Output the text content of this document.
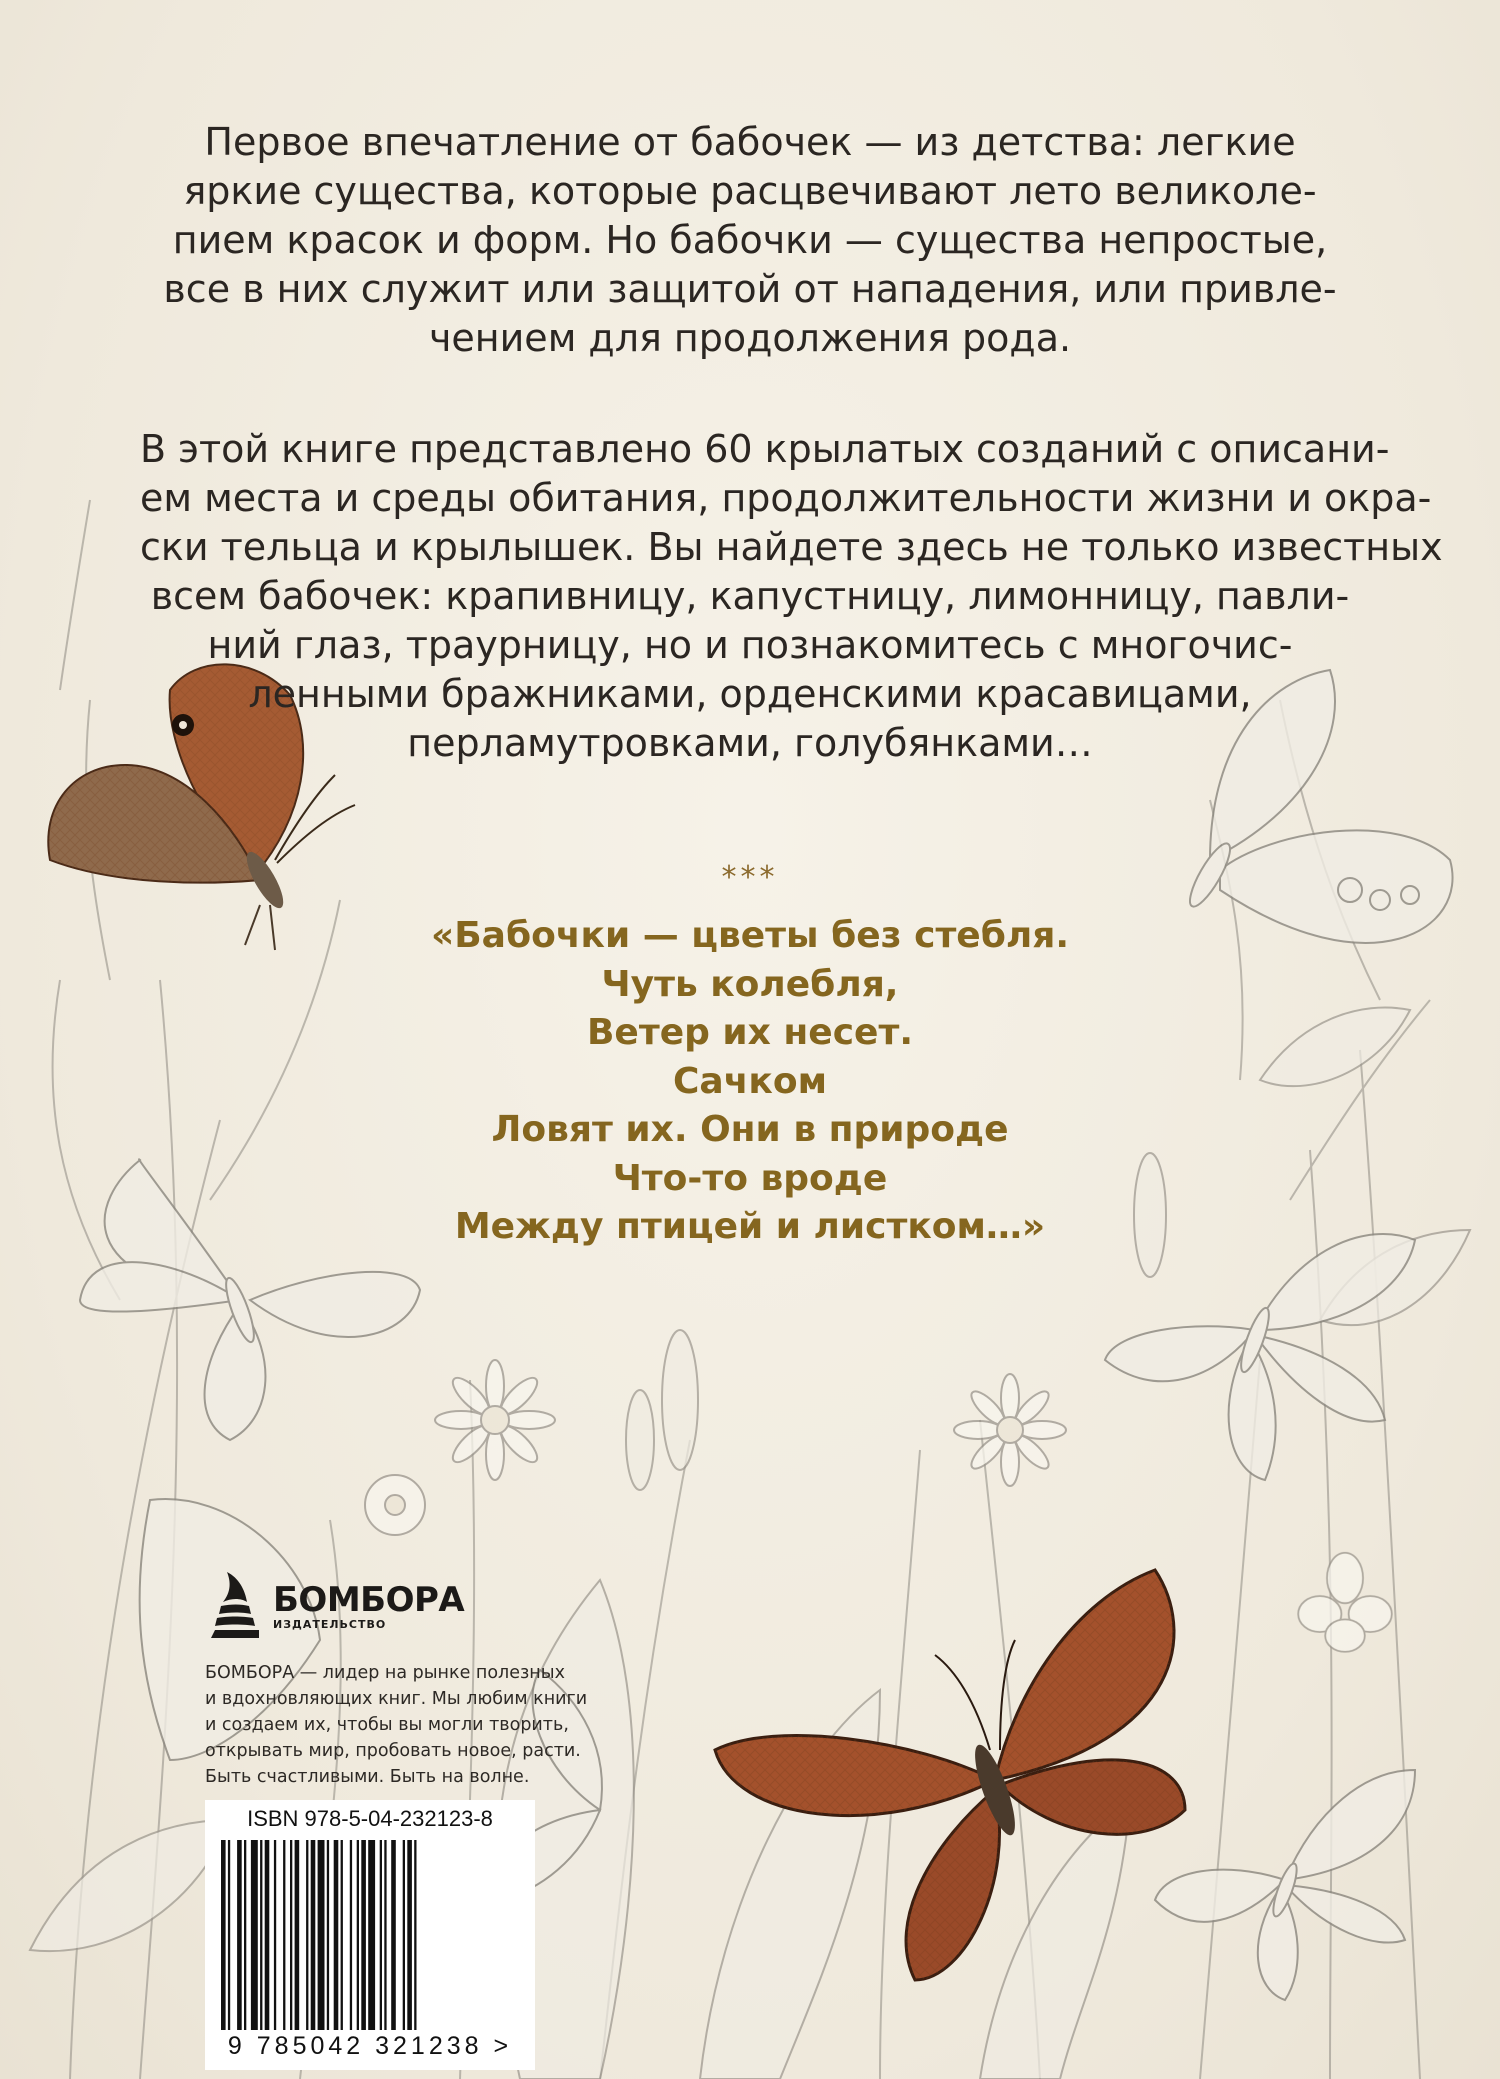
Первое впечатление от бабочек — из детства: легкие
яркие существа, которые расцвечивают лето великоле-
пием красок и форм. Но бабочки — существа непростые,
все в них служит или защитой от нападения, или привле-
чением для продолжения рода.

В этой книге представлено 60 крылатых созданий с описани-
ем места и среды обитания, продолжительности жизни и окра-
ски тельца и крылышек. Вы найдете здесь не только известных
всем бабочек: крапивницу, капустницу, лимонницу, павли-
ний глаз, траурницу, но и познакомитесь с многочис-
ленными бражниками, орденскими красавицами,
перламутровками, голубянками…

***
«Бабочки — цветы без стебля.
Чуть колебля,
Ветер их несет.
Сачком
Ловят их. Они в природе
Что-то вроде
Между птицей и листком…»
БОМБОРА
ИЗДАТЕЛЬСТВО
БОМБОРА — лидер на рынке полезных
и вдохновляющих книг. Мы любим книги
и создаем их, чтобы вы могли творить,
открывать мир, пробовать новое, расти.
Быть счастливыми. Быть на волне.
ISBN 978-5-04-232123-8
9 785042 321238 >
